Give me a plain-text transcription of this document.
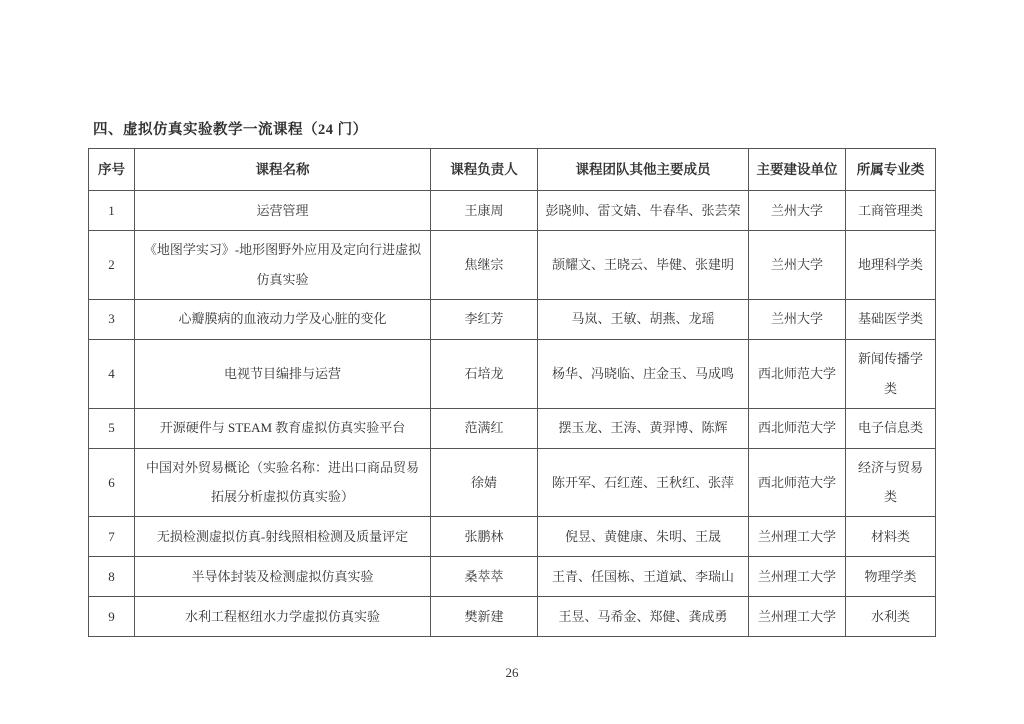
四、虚拟仿真实验教学一流课程（24 门）
序号	课程名称	课程负责人	课程团队其他主要成员	主要建设单位	所属专业类
1	运营管理	王康周	彭晓帅、雷文婧、牛春华、张芸荣	兰州大学	工商管理类
2	《地图学实习》-地形图野外应用及定向行进虚拟仿真实验	焦继宗	颉耀文、王晓云、毕健、张建明	兰州大学	地理科学类
3	心瓣膜病的血液动力学及心脏的变化	李红芳	马岚、王敏、胡燕、龙瑶	兰州大学	基础医学类
4	电视节目编排与运营	石培龙	杨华、冯晓临、庄金玉、马成鸣	西北师范大学	新闻传播学类
5	开源硬件与 STEAM 教育虚拟仿真实验平台	范满红	摆玉龙、王涛、黄羿博、陈辉	西北师范大学	电子信息类
6	中国对外贸易概论（实验名称：进出口商品贸易拓展分析虚拟仿真实验）	徐婧	陈开军、石红莲、王秋红、张萍	西北师范大学	经济与贸易类
7	无损检测虚拟仿真-射线照相检测及质量评定	张鹏林	倪昱、黄健康、朱明、王晟	兰州理工大学	材料类
8	半导体封装及检测虚拟仿真实验	桑萃萃	王青、任国栋、王道斌、李瑞山	兰州理工大学	物理学类
9	水利工程枢纽水力学虚拟仿真实验	樊新建	王昱、马希金、郑健、龚成勇	兰州理工大学	水利类
26
